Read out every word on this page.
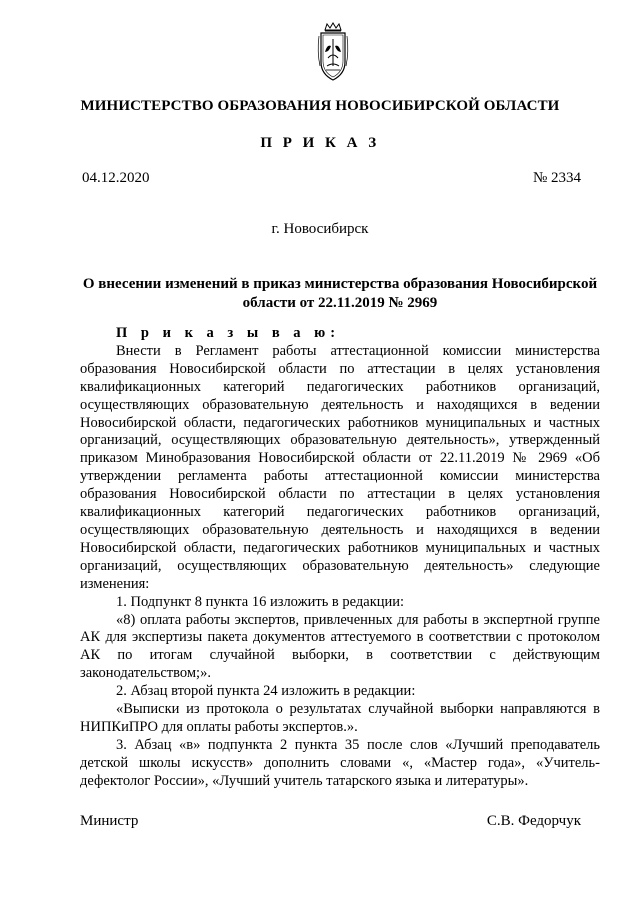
МИНИСТЕРСТВО ОБРАЗОВАНИЯ НОВОСИБИРСКОЙ ОБЛАСТИ
П Р И К А З
04.12.2020	№ 2334
г. Новосибирск
О внесении изменений в приказ министерства образования Новосибирской области от 22.11.2019 № 2969

П р и к а з ы в а ю:

Внести в Регламент работы аттестационной комиссии министерства образования Новосибирской области по аттестации в целях установления квалификационных категорий педагогических работников организаций, осуществляющих образовательную деятельность и находящихся в ведении Новосибирской области, педагогических работников муниципальных и частных организаций, осуществляющих образовательную деятельность», утвержденный приказом Минобразования Новосибирской области от 22.11.2019 № 2969 «Об утверждении регламента работы аттестационной комиссии министерства образования Новосибирской области по аттестации в целях установления квалификационных категорий педагогических работников организаций, осуществляющих образовательную деятельность и находящихся в ведении Новосибирской области, педагогических работников муниципальных и частных организаций, осуществляющих образовательную деятельность» следующие изменения:

1. Подпункт 8 пункта 16 изложить в редакции:

«8) оплата работы экспертов, привлеченных для работы в экспертной группе АК для экспертизы пакета документов аттестуемого в соответствии с протоколом АК по итогам случайной выборки, в соответствии с действующим законодательством;».

2. Абзац второй пункта 24 изложить в редакции:

«Выписки из протокола о результатах случайной выборки направляются в НИПКиПРО для оплаты работы экспертов.».

3. Абзац «в» подпункта 2 пункта 35 после слов «Лучший преподаватель детской школы искусств» дополнить словами «, «Мастер года», «Учитель-дефектолог России», «Лучший учитель татарского языка и литературы».

Министр	С.В. Федорчук
